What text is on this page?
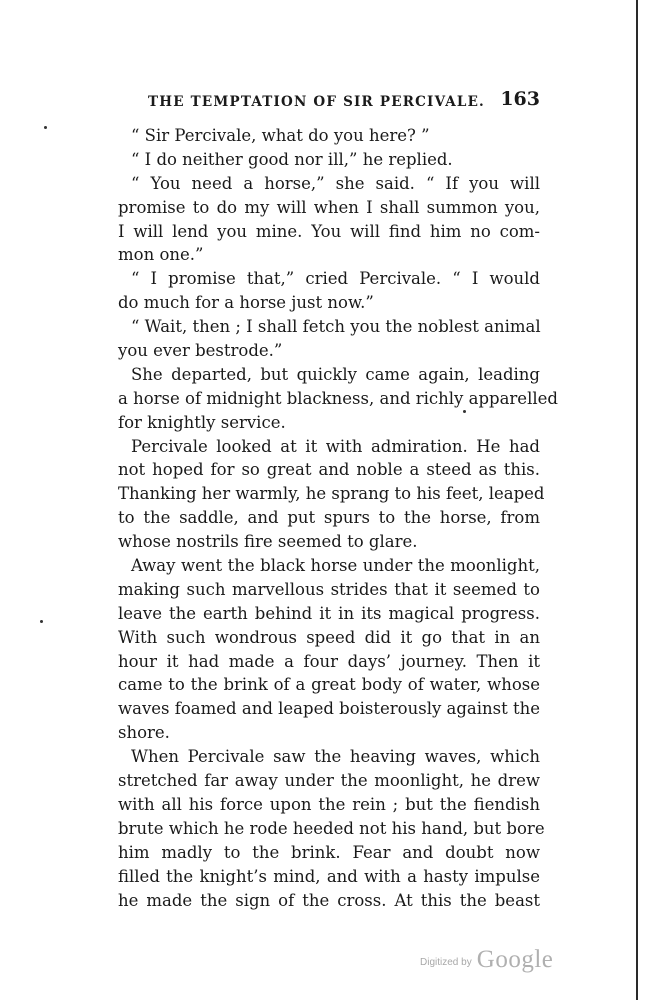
THE TEMPTATION OF SIR PERCIVALE. 163
“ Sir Percivale, what do you here? ”
“ I do neither good nor ill,” he replied.
“ You need a horse,” she said. “ If you will
promise to do my will when I shall summon you,
I will lend you mine. You will find him no com-
mon one.”
“ I promise that,” cried Percivale. “ I would
do much for a horse just now.”
“ Wait, then ; I shall fetch you the noblest animal
you ever bestrode.”
She departed, but quickly came again, leading
a horse of midnight blackness, and richly apparelled
for knightly service.
Percivale looked at it with admiration. He had
not hoped for so great and noble a steed as this.
Thanking her warmly, he sprang to his feet, leaped
to the saddle, and put spurs to the horse, from
whose nostrils fire seemed to glare.
Away went the black horse under the moonlight,
making such marvellous strides that it seemed to
leave the earth behind it in its magical progress.
With such wondrous speed did it go that in an
hour it had made a four days’ journey. Then it
came to the brink of a great body of water, whose
waves foamed and leaped boisterously against the
shore.
When Percivale saw the heaving waves, which
stretched far away under the moonlight, he drew
with all his force upon the rein ; but the fiendish
brute which he rode heeded not his hand, but bore
him madly to the brink. Fear and doubt now
filled the knight’s mind, and with a hasty impulse
he made the sign of the cross. At this the beast
Digitized by Google
